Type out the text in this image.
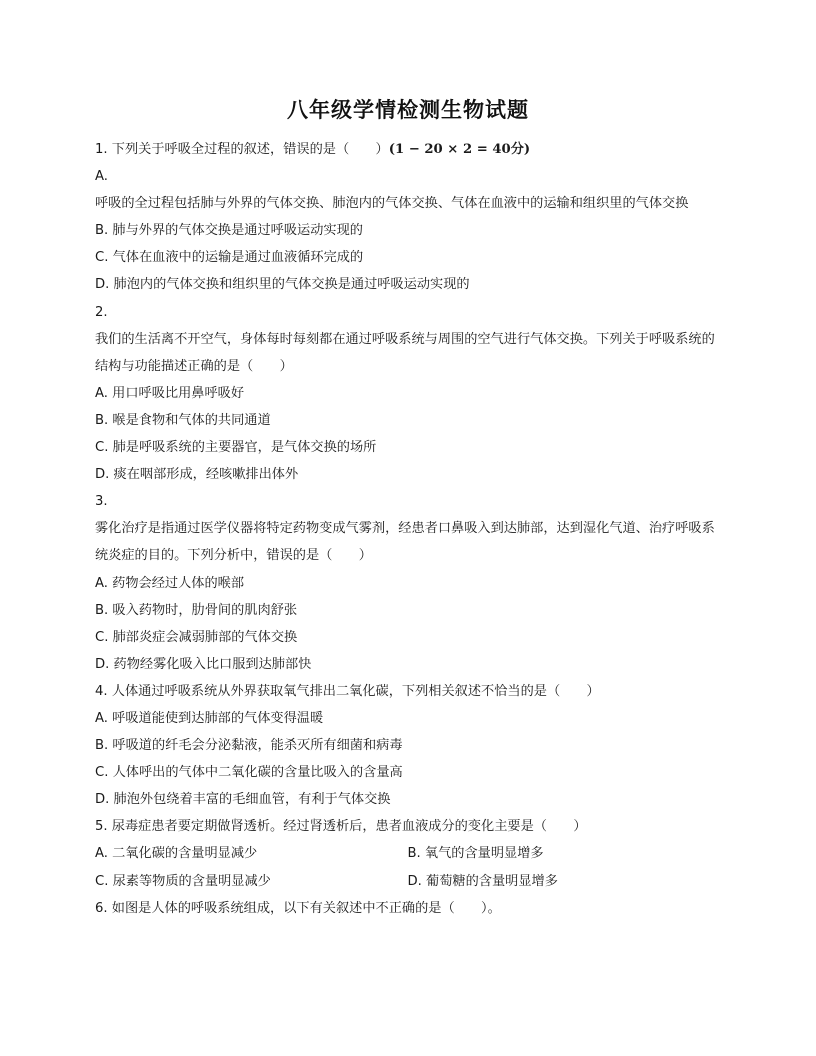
八年级学情检测生物试题
1. 下列关于呼吸全过程的叙述，错误的是（　　）(1 − 20 × 2 = 40分)
A.
呼吸的全过程包括肺与外界的气体交换、肺泡内的气体交换、气体在血液中的运输和组织里的气体交换
B. 肺与外界的气体交换是通过呼吸运动实现的
C. 气体在血液中的运输是通过血液循环完成的
D. 肺泡内的气体交换和组织里的气体交换是通过呼吸运动实现的
2.
我们的生活离不开空气，身体每时每刻都在通过呼吸系统与周围的空气进行气体交换。下列关于呼吸系统的结构与功能描述正确的是（　　）
A. 用口呼吸比用鼻呼吸好
B. 喉是食物和气体的共同通道
C. 肺是呼吸系统的主要器官，是气体交换的场所
D. 痰在咽部形成，经咳嗽排出体外
3.
雾化治疗是指通过医学仪器将特定药物变成气雾剂，经患者口鼻吸入到达肺部，达到湿化气道、治疗呼吸系统炎症的目的。下列分析中，错误的是（　　）
A. 药物会经过人体的喉部
B. 吸入药物时，肋骨间的肌肉舒张
C. 肺部炎症会减弱肺部的气体交换
D. 药物经雾化吸入比口服到达肺部快
4. 人体通过呼吸系统从外界获取氧气排出二氧化碳，下列相关叙述不恰当的是（　　）
A. 呼吸道能使到达肺部的气体变得温暖
B. 呼吸道的纤毛会分泌黏液，能杀灭所有细菌和病毒
C. 人体呼出的气体中二氧化碳的含量比吸入的含量高
D. 肺泡外包绕着丰富的毛细血管，有利于气体交换
5. 尿毒症患者要定期做肾透析。经过肾透析后，患者血液成分的变化主要是（　　）
A. 二氧化碳的含量明显减少	B. 氧气的含量明显增多
C. 尿素等物质的含量明显减少	D. 葡萄糖的含量明显增多
6. 如图是人体的呼吸系统组成，以下有关叙述中不正确的是（　　）。
